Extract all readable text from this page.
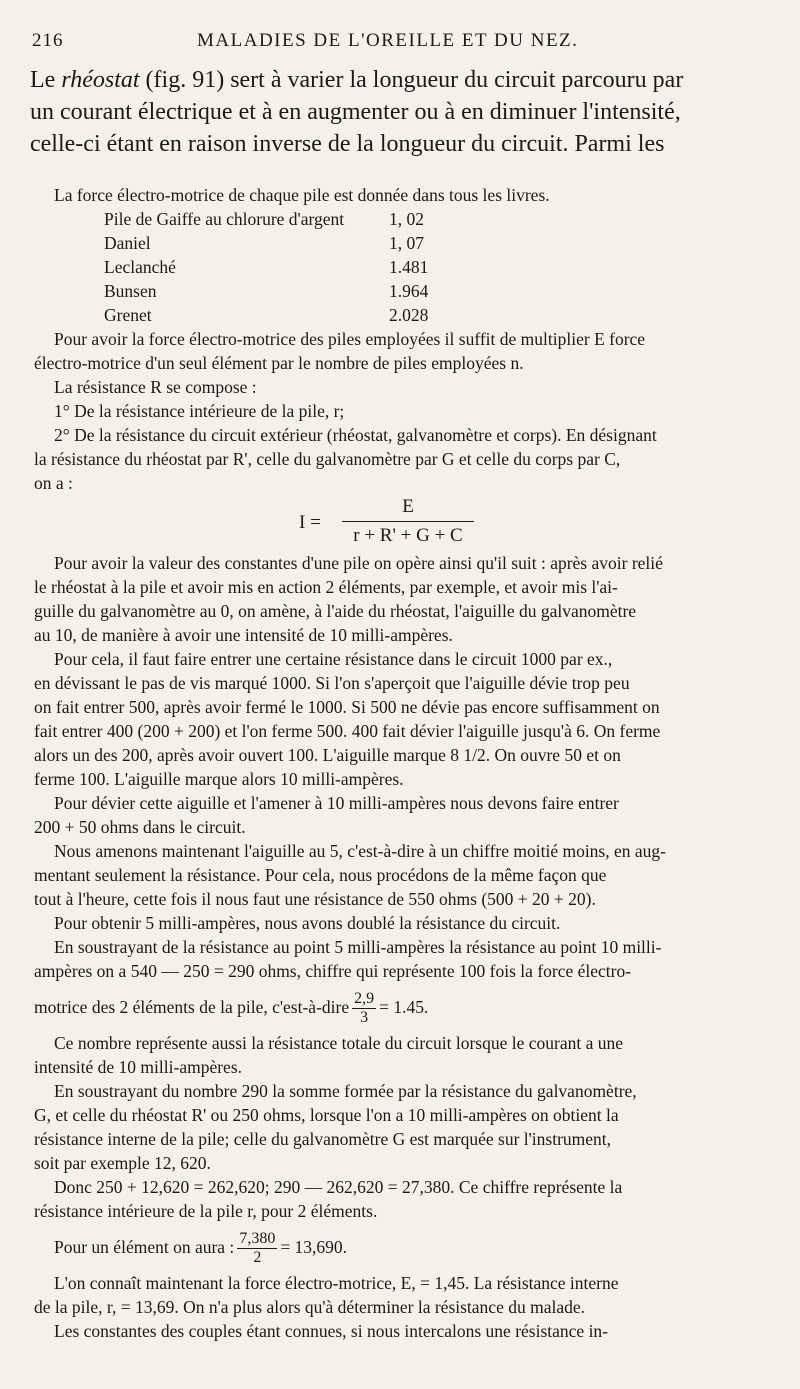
216	MALADIES DE L'OREILLE ET DU NEZ.
Le rhéostat (fig. 91) sert à varier la longueur du circuit parcouru par
un courant électrique et à en augmenter ou à en diminuer l'intensité,
celle-ci étant en raison inverse de la longueur du circuit. Parmi les
La force électro-motrice de chaque pile est donnée dans tous les livres.
Pile de Gaiffe au chlorure d'argent	1, 02
Daniel	1, 07
Leclanché	1.481
Bunsen	1.964
Grenet	2.028
Pour avoir la force électro-motrice des piles employées il suffit de multiplier E force
électro-motrice d'un seul élément par le nombre de piles employées n.
La résistance R se compose :
1° De la résistance intérieure de la pile, r;
2° De la résistance du circuit extérieur (rhéostat, galvanomètre et corps). En désignant
la résistance du rhéostat par R', celle du galvanomètre par G et celle du corps par C,
on a :
$I = \frac{E}{r + R' + G + C}$
Pour avoir la valeur des constantes d'une pile on opère ainsi qu'il suit : après avoir relié
le rhéostat à la pile et avoir mis en action 2 éléments, par exemple, et avoir mis l'ai-
guille du galvanomètre au 0, on amène, à l'aide du rhéostat, l'aiguille du galvanomètre
au 10, de manière à avoir une intensité de 10 milli-ampères.
Pour cela, il faut faire entrer une certaine résistance dans le circuit 1000 par ex.,
en dévissant le pas de vis marqué 1000. Si l'on s'aperçoit que l'aiguille dévie trop peu
on fait entrer 500, après avoir fermé le 1000. Si 500 ne dévie pas encore suffisamment on
fait entrer 400 (200 + 200) et l'on ferme 500. 400 fait dévier l'aiguille jusqu'à 6. On ferme
alors un des 200, après avoir ouvert 100. L'aiguille marque 8 1/2. On ouvre 50 et on
ferme 100. L'aiguille marque alors 10 milli-ampères.
Pour dévier cette aiguille et l'amener à 10 milli-ampères nous devons faire entrer
200 + 50 ohms dans le circuit.
Nous amenons maintenant l'aiguille au 5, c'est-à-dire à un chiffre moitié moins, en aug-
mentant seulement la résistance. Pour cela, nous procédons de la même façon que
tout à l'heure, cette fois il nous faut une résistance de 550 ohms (500 + 20 + 20).
Pour obtenir 5 milli-ampères, nous avons doublé la résistance du circuit.
En soustrayant de la résistance au point 5 milli-ampères la résistance au point 10 milli-
ampères on a 540 — 250 = 290 ohms, chiffre qui représente 100 fois la force électro-
motrice des 2 éléments de la pile, c'est-à-dire $\frac{2,9}{3} = 1.45$.
Ce nombre représente aussi la résistance totale du circuit lorsque le courant a une
intensité de 10 milli-ampères.
En soustrayant du nombre 290 la somme formée par la résistance du galvanomètre,
G, et celle du rhéostat R' ou 250 ohms, lorsque l'on a 10 milli-ampères on obtient la
résistance interne de la pile; celle du galvanomètre G est marquée sur l'instrument,
soit par exemple 12, 620.
Donc 250 + 12,620 = 262,620; 290 — 262,620 = 27,380. Ce chiffre représente la
résistance intérieure de la pile r, pour 2 éléments.
Pour un élément on aura : $\frac{7,380}{2} = 13,690$.
L'on connaît maintenant la force électro-motrice, E, = 1,45. La résistance interne
de la pile, r, = 13,69. On n'a plus alors qu'à déterminer la résistance du malade.
Les constantes des couples étant connues, si nous intercalons une résistance in-
